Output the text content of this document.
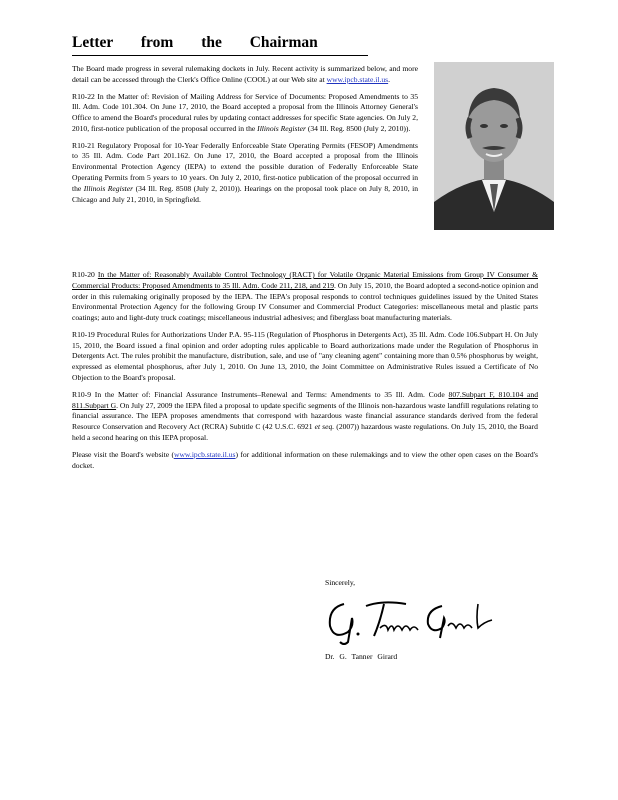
Letter from the Chairman

The Board made progress in several rulemaking dockets in July. Recent activity is summarized below, and more detail can be accessed through the Clerk's Office Online (COOL) at our Web site at www.ipcb.state.il.us.

R10-22 In the Matter of: Revision of Mailing Address for Service of Documents: Proposed Amendments to 35 Ill. Adm. Code 101.304. On June 17, 2010, the Board accepted a proposal from the Illinois Attorney General's Office to amend the Board's procedural rules by updating contact addresses for specific State agencies. On July 2, 2010, first-notice publication of the proposal occurred in the Illinois Register (34 Ill. Reg. 8500 (July 2, 2010)).

R10-21 Regulatory Proposal for 10-Year Federally Enforceable State Operating Permits (FESOP) Amendments to 35 Ill. Adm. Code Part 201.162. On June 17, 2010, the Board accepted a proposal from the Illinois Environmental Protection Agency (IEPA) to extend the possible duration of Federally Enforceable State Operating Permits from 5 years to 10 years. On July 2, 2010, first-notice publication of the proposal occurred in the Illinois Register (34 Ill. Reg. 8508 (July 2, 2010)). Hearings on the proposal took place on July 8, 2010, in Chicago and July 21, 2010, in Springfield.

R10-20 In the Matter of: Reasonably Available Control Technology (RACT) for Volatile Organic Material Emissions from Group IV Consumer & Commercial Products: Proposed Amendments to 35 Ill. Adm. Code 211, 218, and 219. On July 15, 2010, the Board adopted a second-notice opinion and order in this rulemaking originally proposed by the IEPA. The IEPA's proposal responds to control techniques guidelines issued by the United States Environmental Protection Agency for the following Group IV Consumer and Commercial Product Categories: miscellaneous metal and plastic parts coatings; auto and light-duty truck coatings; miscellaneous industrial adhesives; and fiberglass boat manufacturing materials.

R10-19 Procedural Rules for Authorizations Under P.A. 95-115 (Regulation of Phosphorus in Detergents Act), 35 Ill. Adm. Code 106.Subpart H. On July 15, 2010, the Board issued a final opinion and order adopting rules applicable to Board authorizations made under the Regulation of Phosphorus in Detergents Act. The rules prohibit the manufacture, distribution, sale, and use of "any cleaning agent" containing more than 0.5% phosphorus by weight, expressed as elemental phosphorus, after July 1, 2010. On June 13, 2010, the Joint Committee on Administrative Rules issued a Certificate of No Objection to the Board's proposal.

R10-9 In the Matter of: Financial Assurance Instruments–Renewal and Terms: Amendments to 35 Ill. Adm. Code 807.Subpart F, 810.104 and 811.Subpart G. On July 27, 2009 the IEPA filed a proposal to update specific segments of the Illinois non-hazardous waste landfill regulations relating to financial assurance. The IEPA proposes amendments that correspond with hazardous waste financial assurance standards derived from the federal Resource Conservation and Recovery Act (RCRA) Subtitle C (42 U.S.C. 6921 et seq. (2007)) hazardous waste regulations. On July 15, 2010, the Board held a second hearing on this IEPA proposal.

Please visit the Board's website (www.ipcb.state.il.us) for additional information on these rulemakings and to view the other open cases on the Board's docket.

Sincerely,
Dr. G. Tanner Girard
